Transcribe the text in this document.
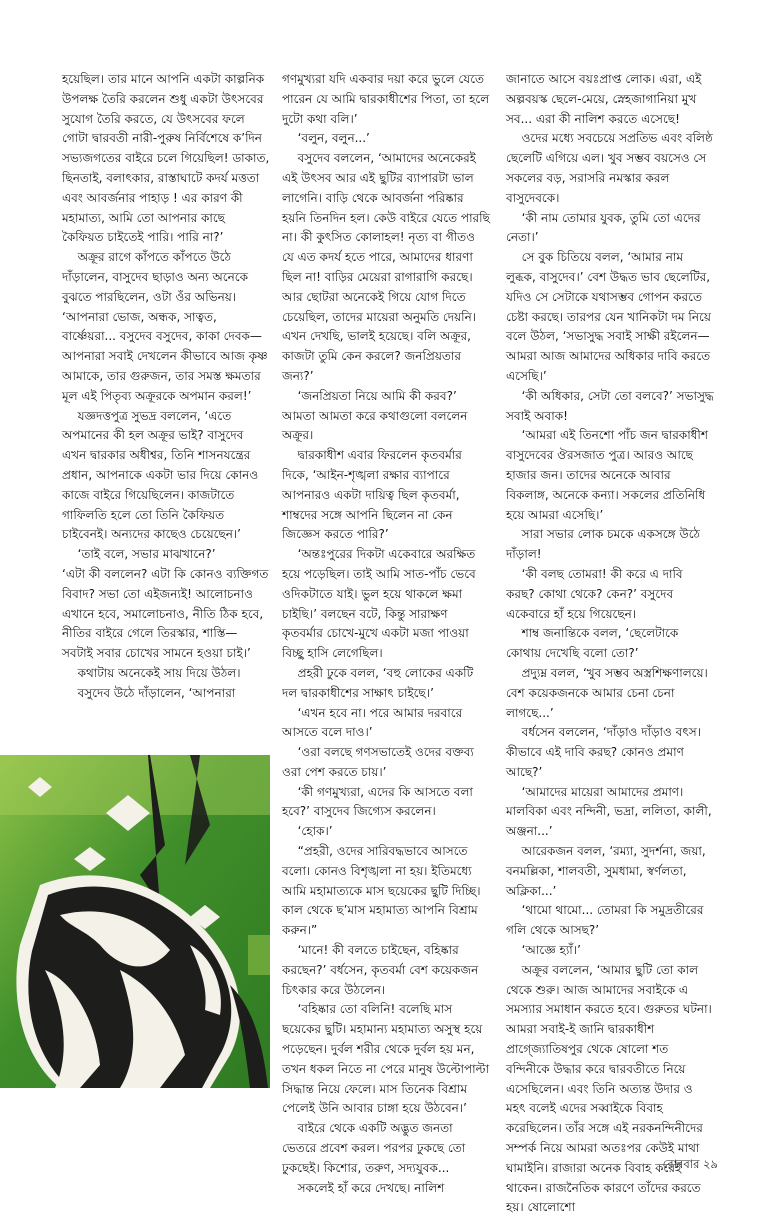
হয়েছিল। তার মানে আপনি একটা কাল্পনিক উপলক্ষ তৈরি করলেন শুধু একটা উৎসবের সুযোগ তৈরি করতে, যে উৎসবের ফলে গোটা দ্বারবতী নারী-পুরুষ নির্বিশেষে ক’দিন সভ্যজগতের বাইরে চলে গিয়েছিল! ডাকাত, ছিনতাই, বলাৎকার, রাস্তাঘাটে কদর্য মত্ততা এবং আবর্জনার পাহাড় ! এর কারণ কী মহামাত্য, আমি তো আপনার কাছে কৈফিয়ত চাইতেই পারি। পারি না?’

অক্রূর রাগে কাঁপতে কাঁপতে উঠে দাঁড়ালেন, বাসুদেব ছাড়াও অন্য অনেকে বুঝতে পারছিলেন, ওটা ওঁর অভিনয়।

‘আপনারা ভোজ, অন্ধক, সাত্বত, বার্ষ্ণেয়রা... বসুদেব বসুদেব, কাকা দেবক— আপনারা সবাই দেখলেন কীভাবে আজ কৃষ্ণ আমাকে, তার গুরুজন, তার সমস্ত ক্ষমতার মূল এই পিতৃব্য অক্রূরকে অপমান করল!’

যজ্ঞদত্তপুত্র সুভদ্র বললেন, ‘এতে অপমানের কী হল অক্রূর ভাই? বাসুদেব এখন দ্বারকার অধীশ্বর, তিনি শাসনযন্ত্রের প্রধান, আপনাকে একটা ভার দিয়ে কোনও কাজে বাইরে গিয়েছিলেন। কাজটাতে গাফিলতি হলে তো তিনি কৈফিয়ত চাইবেনই। অন্যদের কাছেও চেয়েছেন।’

‘তাই বলে, সভার মাঝখানে?’

‘এটা কী বললেন? এটা কি কোনও ব্যক্তিগত বিবাদ? সভা তো এইজন্যই! আলোচনাও এখানে হবে, সমালোচনাও, নীতি ঠিক হবে, নীতির বাইরে গেলে তিরস্কার, শাস্তি— সবটাই সবার চোখের সামনে হওয়া চাই।’

কথাটায় অনেকেই সায় দিয়ে উঠল।

বসুদেব উঠে দাঁড়ালেন, ‘আপনারা

গণমুখ্যরা যদি একবার দয়া করে ভুলে যেতে পারেন যে আমি দ্বারকাধীশের পিতা, তা হলে দুটো কথা বলি।’

‘বলুন, বলুন...’

বসুদেব বললেন, ‘আমাদের অনেকেরই এই উৎসব আর এই ছুটির ব্যাপারটা ভাল লাগেনি। বাড়ি থেকে আবর্জনা পরিষ্কার হয়নি তিনদিন হল। কেউ বাইরে যেতে পারছি না। কী কুৎসিত কোলাহল! নৃত্য বা গীতও যে এত কদর্য হতে পারে, আমাদের ধারণা ছিল না! বাড়ির মেয়েরা রাগারাগি করছে। আর ছোটরা অনেকেই গিয়ে যোগ দিতে চেয়েছিল, তাদের মায়েরা অনুমতি দেয়নি। এখন দেখছি, ভালই হয়েছে। বলি অক্রূর, কাজটা তুমি কেন করলে? জনপ্রিয়তার জন্য?’

‘জনপ্রিয়তা নিয়ে আমি কী করব?’ আমতা আমতা করে কথাগুলো বললেন অক্রূর।

দ্বারকাধীশ এবার ফিরলেন কৃতবর্মার দিকে, ‘আইন-শৃঙ্খলা রক্ষার ব্যাপারে আপনারও একটা দায়িত্ব ছিল কৃতবর্মা, শাম্বদের সঙ্গে আপনি ছিলেন না কেন জিজ্ঞেস করতে পারি?’

‘অন্তঃপুরের দিকটা একেবারে অরক্ষিত হয়ে পড়েছিল। তাই আমি সাত-পাঁচ ভেবে ওদিকটাতে যাই। ভুল হয়ে থাকলে ক্ষমা চাইছি।’ বলছেন বটে, কিন্তু সারাক্ষণ কৃতবর্মার চোখে-মুখে একটা মজা পাওয়া বিচ্ছু হাসি লেগেছিল।

প্রহরী ঢুকে বলল, ‘বহু লোকের একটি দল দ্বারকাধীশের সাক্ষাৎ চাইছে।’

‘এখন হবে না। পরে আমার দরবারে আসতে বলে দাও।’

‘ওরা বলছে গণসভাতেই ওদের বক্তব্য ওরা পেশ করতে চায়।’

‘কী গণমুখ্যরা, এদের কি আসতে বলা হবে?’ বাসুদেব জিগ্যেস করলেন।

‘হোক।’

“প্রহরী, ওদের সারিবদ্ধভাবে আসতে বলো। কোনও বিশৃঙ্খলা না হয়। ইতিমধ্যে আমি মহামাত্যকে মাস ছয়েকের ছুটি দিচ্ছি। কাল থেকে ছ’মাস মহামাত্য আপনি বিশ্রাম করুন।”

‘মানে! কী বলতে চাইছেন, বহিষ্কার করছেন?’ বর্ধসেন, কৃতবর্মা বেশ কয়েকজন চিৎকার করে উঠলেন।

‘বহিষ্কার তো বলিনি! বলেছি মাস ছয়েকের ছুটি। মহামান্য মহামাত্য অসুস্থ হয়ে পড়েছেন। দুর্বল শরীর থেকে দুর্বল হয় মন, তখন ধকল নিতে না পেরে মানুষ উল্টোপাল্টা সিদ্ধান্ত নিয়ে ফেলে। মাস তিনেক বিশ্রাম পেলেই উনি আবার চাঙ্গা হয়ে উঠবেন।’

বাইরে থেকে একটি অদ্ভুত জনতা ভেতরে প্রবেশ করল। পরপর ঢুকছে তো ঢুকছেই। কিশোর, তরুণ, সদ্যযুবক...

সকলেই হাঁ করে দেখছে। নালিশ

জানাতে আসে বয়ঃপ্রাপ্ত লোক। এরা, এই অল্পবয়স্ক ছেলে-মেয়ে, স্নেহজাগানিয়া মুখ সব... এরা কী নালিশ করতে এসেছে!

ওদের মধ্যে সবচেয়ে সপ্রতিভ এবং বলিষ্ঠ ছেলেটি এগিয়ে এল। খুব সম্ভব বয়সেও সে সকলের বড়, সরাসরি নমস্কার করল বাসুদেবকে।

‘কী নাম তোমার যুবক, তুমি তো এদের নেতা।’

সে বুক চিতিয়ে বলল, ‘আমার নাম লুব্ধক, বাসুদেব।’ বেশ উদ্ধত ভাব ছেলেটির, যদিও সে সেটাকে যথাসম্ভব গোপন করতে চেষ্টা করছে। তারপর যেন খানিকটা দম নিয়ে বলে উঠল, ‘সভাসুদ্ধ সবাই সাক্ষী রইলেন— আমরা আজ আমাদের অধিকার দাবি করতে এসেছি।’

‘কী অধিকার, সেটা তো বলবে?’ সভাসুদ্ধ সবাই অবাক!

‘আমরা এই তিনশো পাঁচ জন দ্বারকাধীশ বাসুদেবের ঔরসজাত পুত্র। আরও আছে হাজার জন। তাদের অনেকে আবার বিকলাঙ্গ, অনেকে কন্যা। সকলের প্রতিনিধি হয়ে আমরা এসেছি।’

সারা সভার লোক চমকে একসঙ্গে উঠে দাঁড়াল!

‘কী বলছ তোমরা! কী করে এ দাবি করছ? কোথা থেকে? কেন?’ বসুদেব একেবারে হাঁ হয়ে গিয়েছেন।

শাম্ব জনান্তিকে বলল, ‘ছেলেটাকে কোথায় দেখেছি বলো তো?’

প্রদ্যুম্ন বলল, ‘খুব সম্ভব অস্ত্রশিক্ষণালয়ে। বেশ কয়েকজনকে আমার চেনা চেনা লাগছে...’

বর্ধসেন বললেন, ‘দাঁড়াও দাঁড়াও বৎস। কীভাবে এই দাবি করছ? কোনও প্রমাণ আছে?’

‘আমাদের মায়েরা আমাদের প্রমাণ। মালবিকা এবং নন্দিনী, ভদ্রা, ললিতা, কালী, অঞ্জনা...’

আরেকজন বলল, ‘রম্যা, সুদর্শনা, জয়া, বনমল্লিকা, শালবতী, সুমধামা, স্বর্ণলতা, অক্লিকা...’

‘থামো থামো... তোমরা কি সমুদ্রতীরের গলি থেকে আসছ?’

‘আজ্ঞে হ্যাঁ।’

অক্রূর বললেন, ‘আমার ছুটি তো কাল থেকে শুরু। আজ আমাদের সবাইকে এ সমস্যার সমাধান করতে হবে। গুরুতর ঘটনা। আমরা সবাই-ই জানি দ্বারকাধীশ প্রাগ্জ্যোতিষপুর থেকে ষোলো শত বন্দিনীকে উদ্ধার করে দ্বারবতীতে নিয়ে এসেছিলেন। এবং তিনি অত্যন্ত উদার ও মহৎ বলেই এদের সব্বাইকে বিবাহ করেছিলেন। তাঁর সঙ্গে এই নরকনন্দিনীদের সম্পর্ক নিয়ে আমরা অতঃপর কেউই মাথা ঘামাইনি। রাজারা অনেক বিবাহ করেই থাকেন। রাজনৈতিক কারণে তাঁদের করতে হয়। ষোলোশো

রোববার ২৯
